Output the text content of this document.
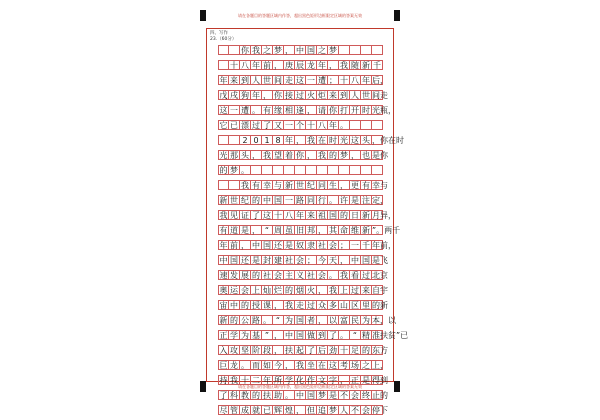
请在各题目的答题区域内作答，超出黑色矩形边框限定区域的答案无效
四、写作
23.（60分）
你 我 之 梦 ， 中 国 之 梦
十 八 年 前 ， 庚 辰 龙 年 ， 我 随 新 千
年 来 到 人 世 间 走 这 一 遭 ； 十 八 年 后，
戊 戌 狗 年 ， 你 接 过 火 炬 来 到 人 世 间走
这 一 遭 。 有 缘 相 逢 ， 请 你 打 开 时 光瓶，
它 已 漂 过 了 又 一 个 十 八 年 。
2 0 1 8 年 ， 我 在 时 光 这 头 ，你在时
光 那 头 ， 我 望 着 你 ， 我 的 梦 ， 也 是你
的 梦 。
我 有 幸 与 新 世 纪 同 生 ， 更 有 幸与
新 世 纪 的 中 国 一 路 同 行 。 许 是 注 定，
我 见 证 了 这 十 八 年 来 祖 国 的 日 新 月异，
有 道 是 ， “ 周 虽 旧 邦 ， 其 命 维 新 ”。两千
年 前 ， 中 国 还 是 奴 隶 社 会 ； 一 千 年前，
中 国 还 是 封 建 社 会 ； 今 天 ， 中 国 是飞
速 发 展 的 社 会 主 义 社 会 。 我 看 过 北京
奥 运 会 上 灿 烂 的 烟 火 ， 我 上 过 来 自宇
宙 中 的 授 课 ， 我 走 过 众 多 山 区 里 的新
新 的 公 路 。 “ 为 国 者 ， 以 富 民 为 本，以
正 学 为 基 ” ， 中 国 做 到 了 。 “ 精 准扶贫”已
入 攻 坚 阶 段 ， 扶 起 了 后 劲 十 足 的 东方
巨 龙 。 而 如 今 ， 我 坐 在 这 考 场 之 上，
持 我 十 二 年 所 学 化 作 文 字 ， 正 是 得到
了 科 教 的 扶 助 。 中 国 梦 是 不 会 终 止的
尽 管 成 就 已 辉 煌 ， 但 追 梦 人 不 会 停下
请在各题目的答题区域内作答，超出黑色矩形边框限定区域的答案无效
